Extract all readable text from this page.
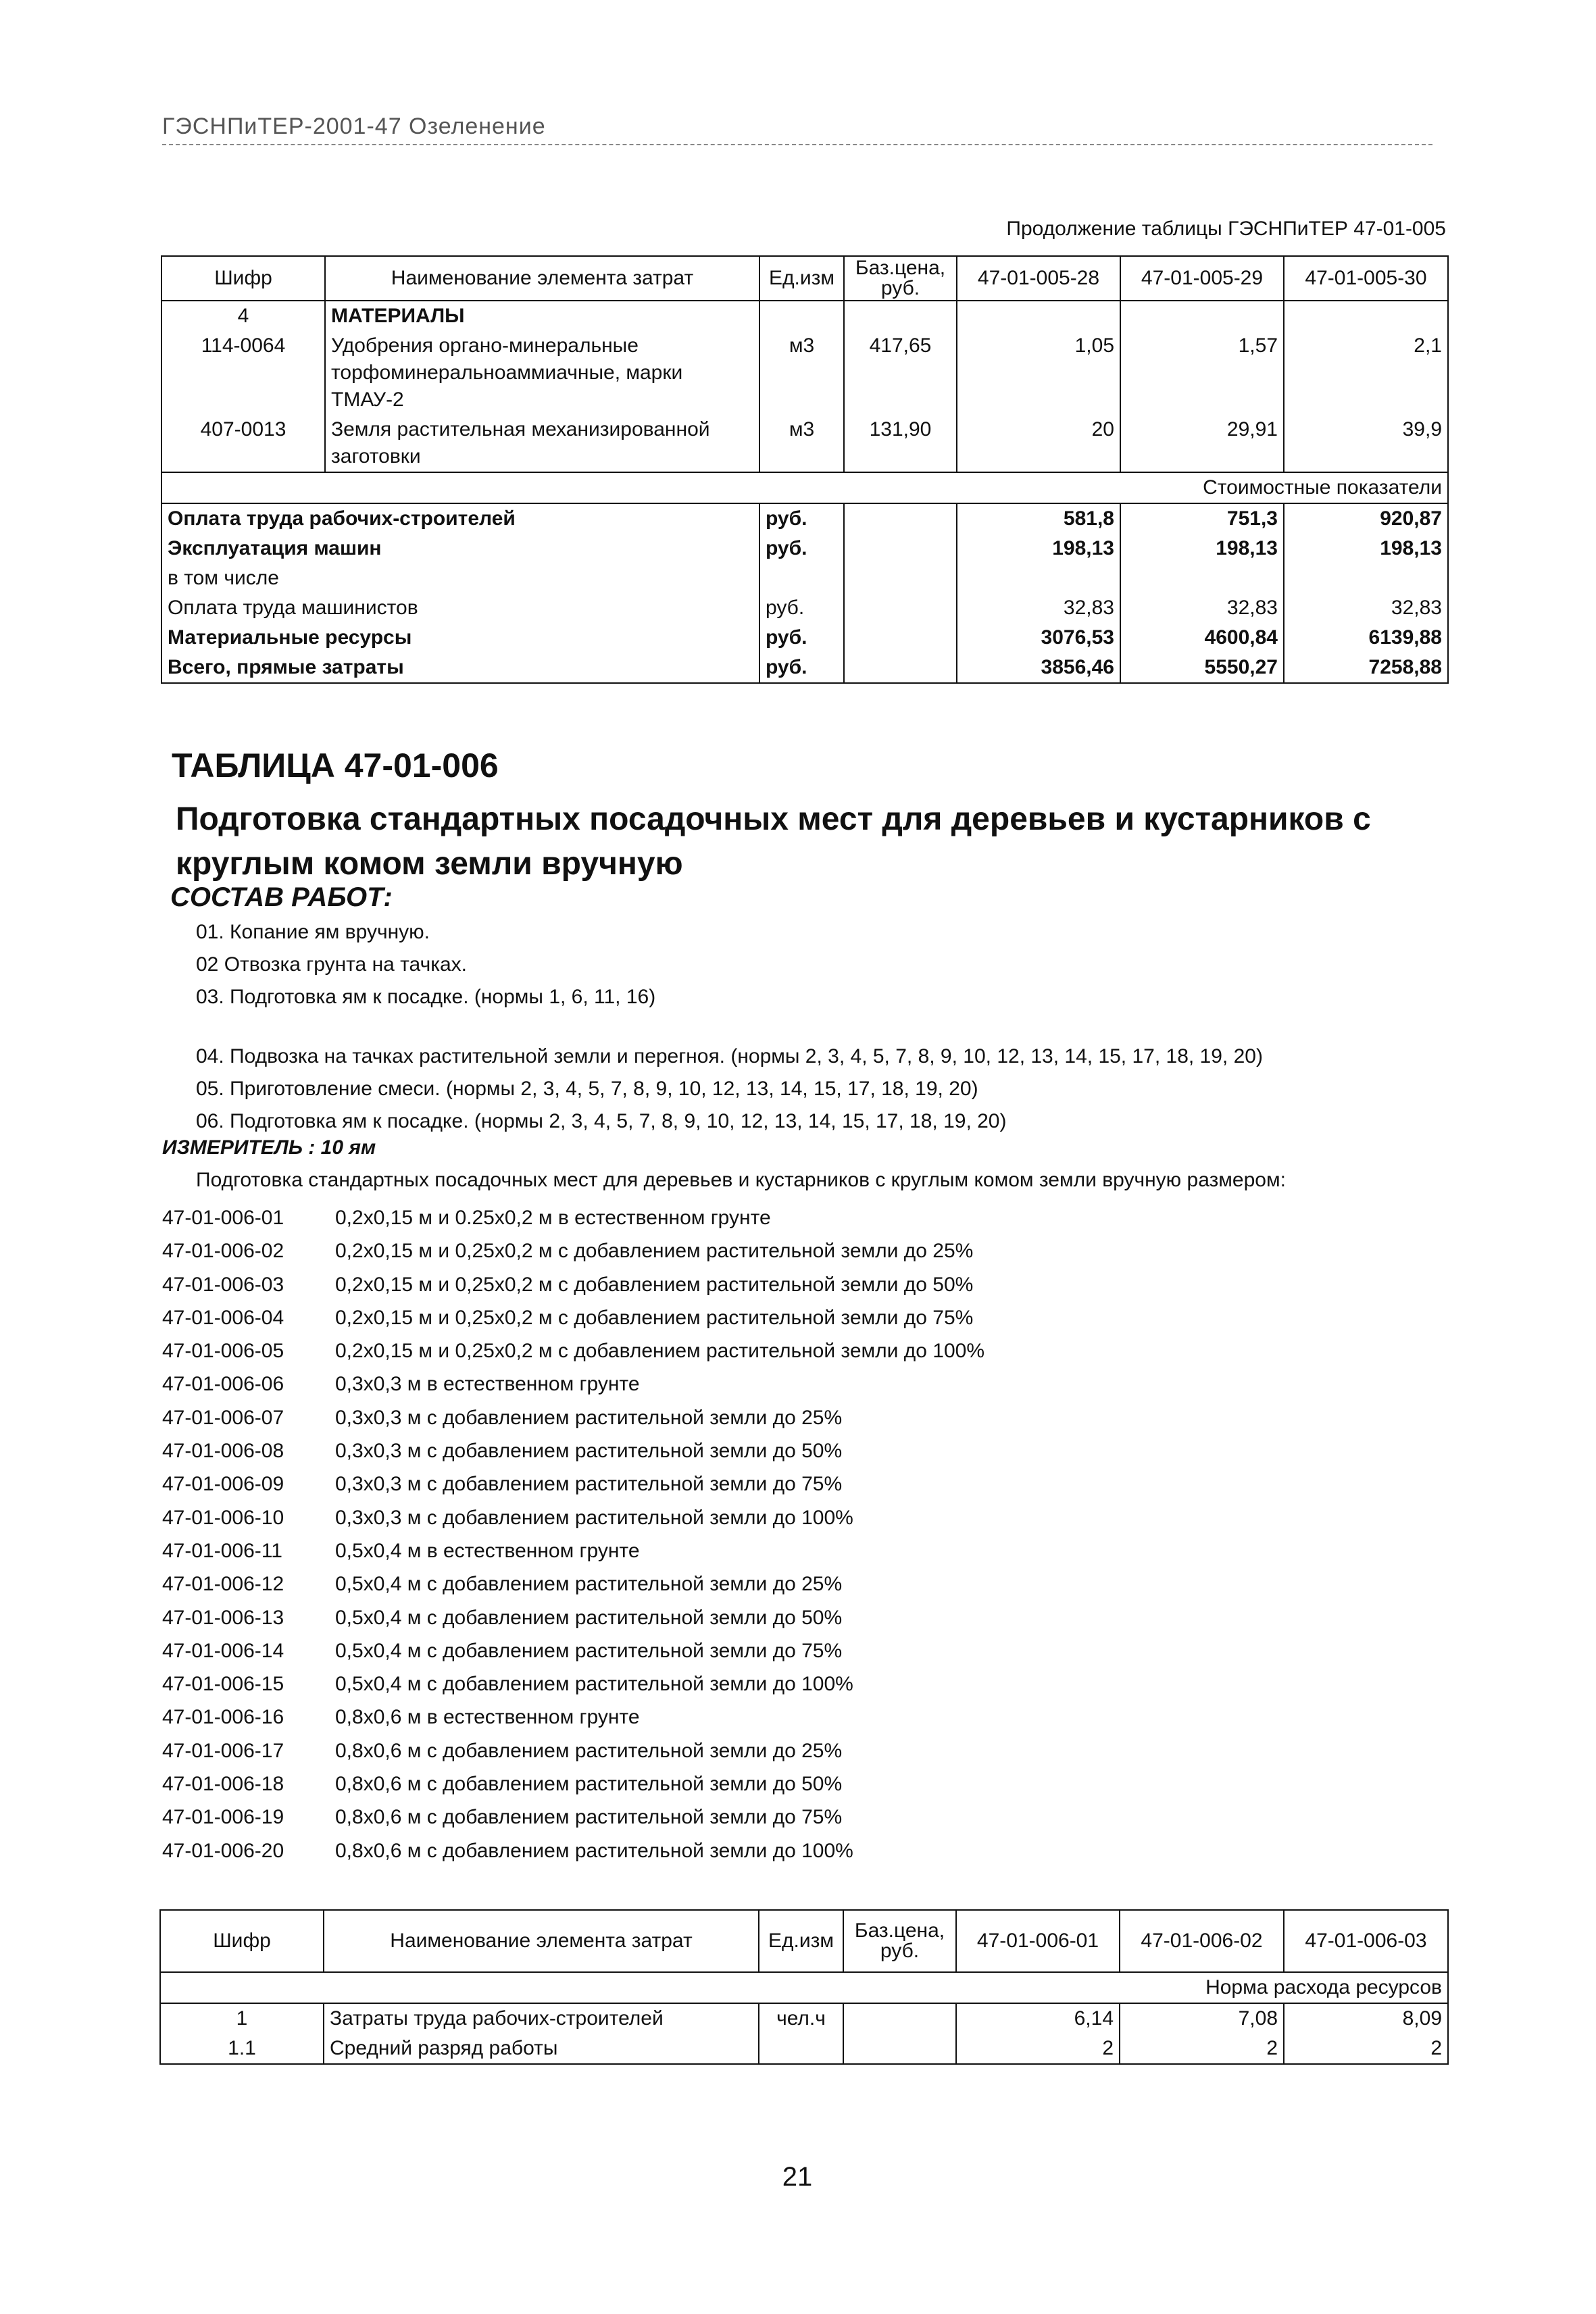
ГЭСНПиТЕР-2001-47 Озеленение
Продолжение таблицы ГЭСНПиТЕР 47-01-005
Шифр	Наименование элемента затрат	Ед.изм	Баз.цена, руб.	47-01-005-28	47-01-005-29	47-01-005-30
4	МАТЕРИАЛЫ					
114-0064	Удобрения органо-минеральные торфоминеральноаммиачные, марки ТМАУ-2	м3	417,65	1,05	1,57	2,1
407-0013	Земля растительная механизированной заготовки	м3	131,90	20	29,91	39,9
Стоимостные показатели						
Оплата труда рабочих-строителей		руб.		581,8	751,3	920,87
Эксплуатация машин		руб.		198,13	198,13	198,13
в том числе						
Оплата труда машинистов		руб.		32,83	32,83	32,83
Материальные ресурсы		руб.		3076,53	4600,84	6139,88
Всего, прямые затраты		руб.		3856,46	5550,27	7258,88
ТАБЛИЦА 47-01-006
Подготовка стандартных посадочных мест для деревьев и кустарников с круглым комом земли вручную
СОСТАВ РАБОТ:
01. Копание ям вручную.
02 Отвозка грунта на тачках.
03. Подготовка ям к посадке. (нормы 1, 6, 11, 16)
04. Подвозка на тачках растительной земли и перегноя. (нормы 2, 3, 4, 5, 7, 8, 9, 10, 12, 13, 14, 15, 17, 18, 19, 20)
05. Приготовление смеси. (нормы 2, 3, 4, 5, 7, 8, 9, 10, 12, 13, 14, 15, 17, 18, 19, 20)
06. Подготовка ям к посадке. (нормы 2, 3, 4, 5, 7, 8, 9, 10, 12, 13, 14, 15, 17, 18, 19, 20)
ИЗМЕРИТЕЛЬ : 10 ям
Подготовка стандартных посадочных мест для деревьев и кустарников с круглым комом земли вручную размером:
47-01-006-01	0,2х0,15 м и 0.25х0,2 м в естественном грунте
47-01-006-02	0,2х0,15 м и 0,25х0,2 м с добавлением растительной земли до 25%
47-01-006-03	0,2х0,15 м и 0,25х0,2 м с добавлением растительной земли до 50%
47-01-006-04	0,2х0,15 м и 0,25х0,2 м с добавлением растительной земли до 75%
47-01-006-05	0,2х0,15 м и 0,25х0,2 м с добавлением растительной земли до 100%
47-01-006-06	0,3х0,3 м в естественном грунте
47-01-006-07	0,3х0,3 м с добавлением растительной земли до 25%
47-01-006-08	0,3х0,3 м с добавлением растительной земли до 50%
47-01-006-09	0,3х0,3 м с добавлением растительной земли до 75%
47-01-006-10	0,3х0,3 м с добавлением растительной земли до 100%
47-01-006-11	0,5х0,4 м в естественном грунте
47-01-006-12	0,5х0,4 м с добавлением растительной земли до 25%
47-01-006-13	0,5х0,4 м с добавлением растительной земли до 50%
47-01-006-14	0,5х0,4 м с добавлением растительной земли до 75%
47-01-006-15	0,5х0,4 м с добавлением растительной земли до 100%
47-01-006-16	0,8х0,6 м в естественном грунте
47-01-006-17	0,8х0,6 м с добавлением растительной земли до 25%
47-01-006-18	0,8х0,6 м с добавлением растительной земли до 50%
47-01-006-19	0,8х0,6 м с добавлением растительной земли до 75%
47-01-006-20	0,8х0,6 м с добавлением растительной земли до 100%
Шифр	Наименование элемента затрат	Ед.изм	Баз.цена, руб.	47-01-006-01	47-01-006-02	47-01-006-03
Норма расхода ресурсов						
1	Затраты труда рабочих-строителей	чел.ч		6,14	7,08	8,09
1.1	Средний разряд работы			2	2	2
21
